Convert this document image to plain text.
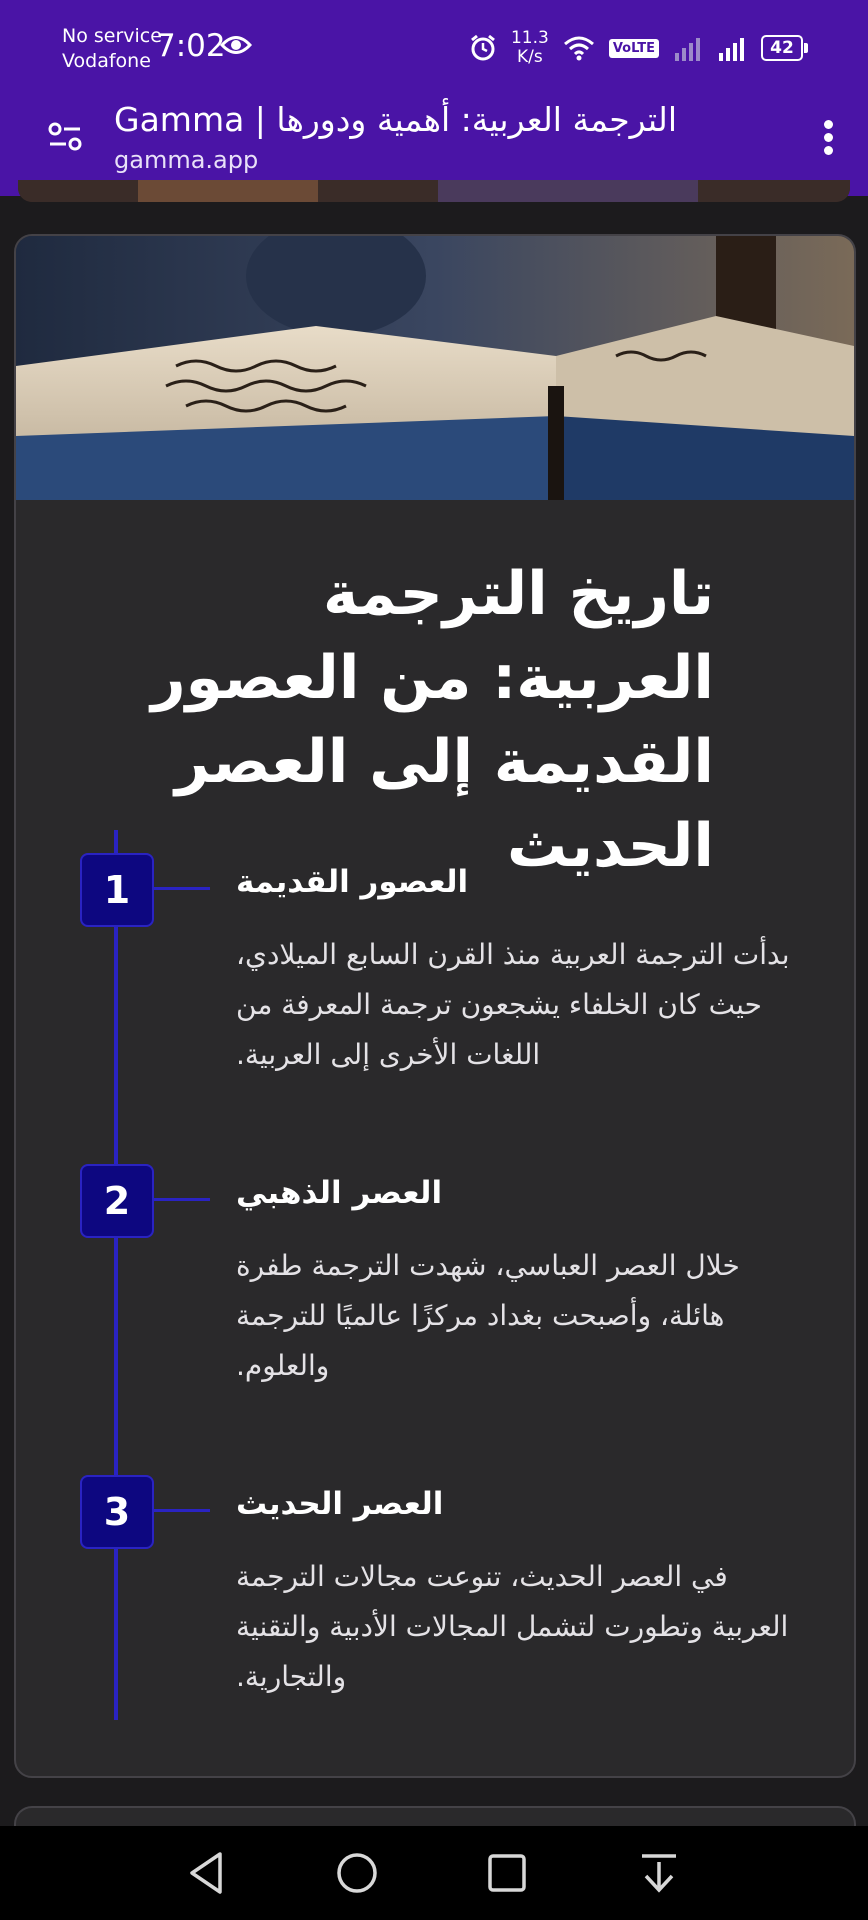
No service
Vodafone 7:02	11.3
K/s	VoLTE	42
Gamma | الترجمة العربية: أهمية ودورها
gamma.app
تاريخ الترجمة العربية: من العصور القديمة إلى العصر الحديث
1	العصور القديمة
بدأت الترجمة العربية منذ القرن السابع الميلادي، حيث كان الخلفاء يشجعون ترجمة المعرفة من اللغات الأخرى إلى العربية.
2	العصر الذهبي
خلال العصر العباسي، شهدت الترجمة طفرة هائلة، وأصبحت بغداد مركزًا عالميًا للترجمة والعلوم.
3	العصر الحديث
في العصر الحديث، تنوعت مجالات الترجمة العربية وتطورت لتشمل المجالات الأدبية والتقنية والتجارية.
